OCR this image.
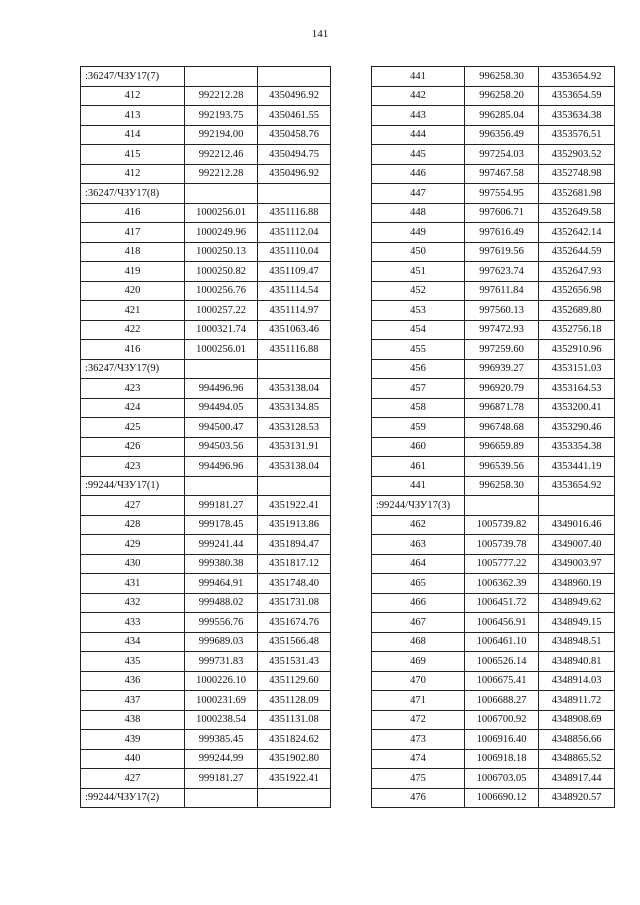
141
:36247/ЧЗУ17(7)		
412	992212.28	4350496.92
413	992193.75	4350461.55
414	992194.00	4350458.76
415	992212.46	4350494.75
412	992212.28	4350496.92
:36247/ЧЗУ17(8)		
416	1000256.01	4351116.88
417	1000249.96	4351112.04
418	1000250.13	4351110.04
419	1000250.82	4351109.47
420	1000256.76	4351114.54
421	1000257.22	4351114.97
422	1000321.74	4351063.46
416	1000256.01	4351116.88
:36247/ЧЗУ17(9)		
423	994496.96	4353138.04
424	994494.05	4353134.85
425	994500.47	4353128.53
426	994503.56	4353131.91
423	994496.96	4353138.04
:99244/ЧЗУ17(1)		
427	999181.27	4351922.41
428	999178.45	4351913.86
429	999241.44	4351894.47
430	999380.38	4351817.12
431	999464.91	4351748.40
432	999488.02	4351731.08
433	999556.76	4351674.76
434	999689.03	4351566.48
435	999731.83	4351531.43
436	1000226.10	4351129.60
437	1000231.69	4351128.09
438	1000238.54	4351131.08
439	999385.45	4351824.62
440	999244.99	4351902.80
427	999181.27	4351922.41
:99244/ЧЗУ17(2)		
441	996258.30	4353654.92
442	996258.20	4353654.59
443	996285.04	4353634.38
444	996356.49	4353576.51
445	997254.03	4352903.52
446	997467.58	4352748.98
447	997554.95	4352681.98
448	997606.71	4352649.58
449	997616.49	4352642.14
450	997619.56	4352644.59
451	997623.74	4352647.93
452	997611.84	4352656.98
453	997560.13	4352689.80
454	997472.93	4352756.18
455	997259.60	4352910.96
456	996939.27	4353151.03
457	996920.79	4353164.53
458	996871.78	4353200.41
459	996748.68	4353290.46
460	996659.89	4353354.38
461	996539.56	4353441.19
441	996258.30	4353654.92
:99244/ЧЗУ17(3)		
462	1005739.82	4349016.46
463	1005739.78	4349007.40
464	1005777.22	4349003.97
465	1006362.39	4348960.19
466	1006451.72	4348949.62
467	1006456.91	4348949.15
468	1006461.10	4348948.51
469	1006526.14	4348940.81
470	1006675.41	4348914.03
471	1006688.27	4348911.72
472	1006700.92	4348908.69
473	1006916.40	4348856.66
474	1006918.18	4348865.52
475	1006703.05	4348917.44
476	1006690.12	4348920.57
